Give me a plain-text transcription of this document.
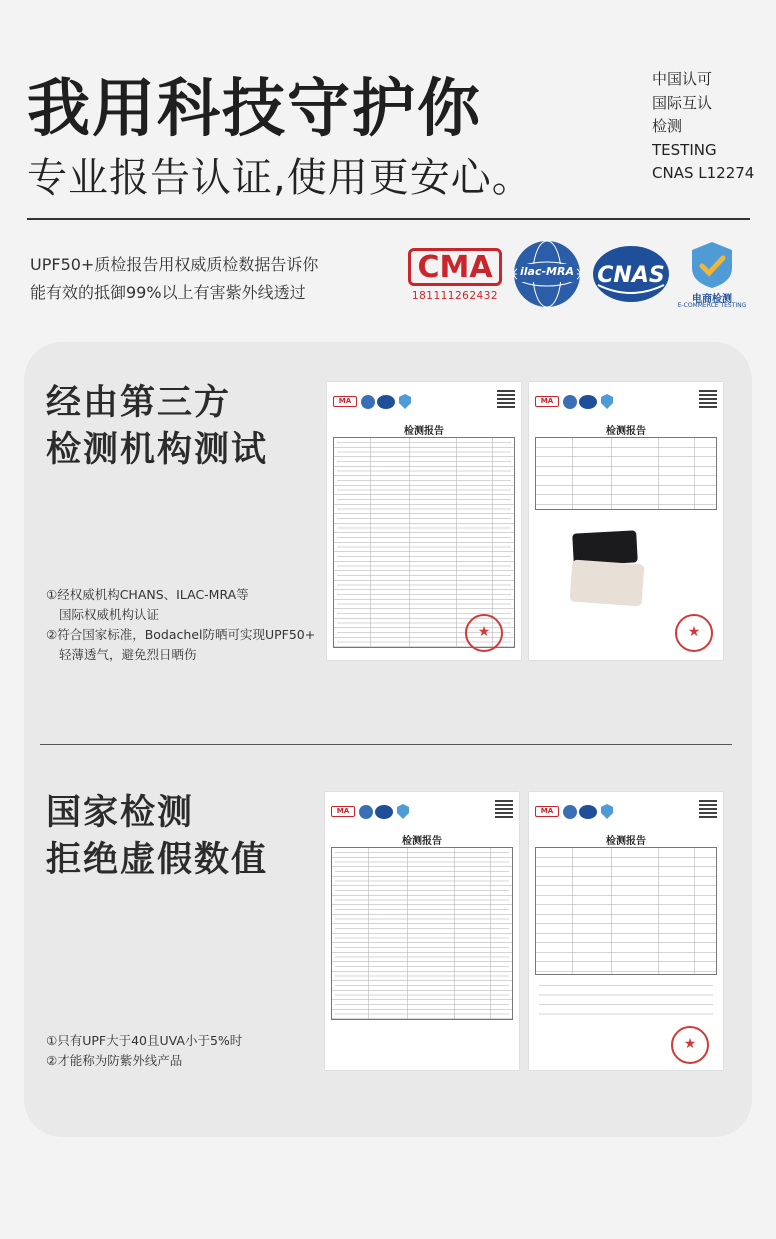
我用科技守护你
专业报告认证,使用更安心。
中国认可
国际互认
检测
TESTING
CNAS L12274
UPF50+质检报告用权威质检数据告诉你
能有效的抵御99%以上有害紫外线透过
CMA
181111262432
ilac-MRA	CNAS
电商检测
E-COMMERCE TESTING
经由第三方
检测机构测试
①经权威机构CHANS、ILAC-MRA等
国际权威机构认证
②符合国家标准，Bodachel防晒可实现UPF50+
轻薄透气，避免烈日晒伤
MA
检测报告
★
MA
检测报告
★
国家检测
拒绝虚假数值
①只有UPF大于40且UVA小于5%时
②才能称为防紫外线产品
MA
检测报告
MA
检测报告
★
